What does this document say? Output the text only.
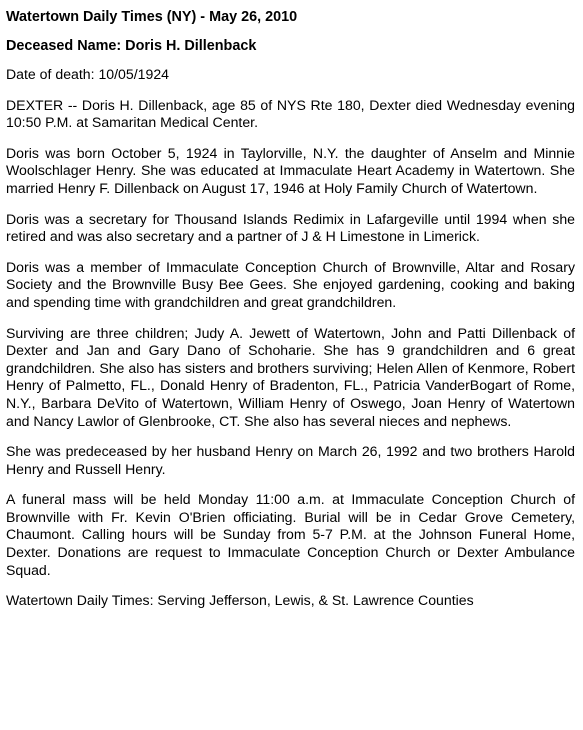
Watertown Daily Times (NY) - May 26, 2010
Deceased Name: Doris H. Dillenback
Date of death: 10/05/1924
DEXTER -- Doris H. Dillenback, age 85 of NYS Rte 180, Dexter died Wednesday evening 10:50 P.M. at Samaritan Medical Center.
Doris was born October 5, 1924 in Taylorville, N.Y. the daughter of Anselm and Minnie Woolschlager Henry. She was educated at Immaculate Heart Academy in Watertown. She married Henry F. Dillenback on August 17, 1946 at Holy Family Church of Watertown.
Doris was a secretary for Thousand Islands Redimix in Lafargeville until 1994 when she retired and was also secretary and a partner of J & H Limestone in Limerick.
Doris was a member of Immaculate Conception Church of Brownville, Altar and Rosary Society and the Brownville Busy Bee Gees. She enjoyed gardening, cooking and baking and spending time with grandchildren and great grandchildren.
Surviving are three children; Judy A. Jewett of Watertown, John and Patti Dillenback of Dexter and Jan and Gary Dano of Schoharie. She has 9 grandchildren and 6 great grandchildren. She also has sisters and brothers surviving; Helen Allen of Kenmore, Robert Henry of Palmetto, FL., Donald Henry of Bradenton, FL., Patricia VanderBogart of Rome, N.Y., Barbara DeVito of Watertown, William Henry of Oswego, Joan Henry of Watertown and Nancy Lawlor of Glenbrooke, CT. She also has several nieces and nephews.
She was predeceased by her husband Henry on March 26, 1992 and two brothers Harold Henry and Russell Henry.
A funeral mass will be held Monday 11:00 a.m. at Immaculate Conception Church of Brownville with Fr. Kevin O'Brien officiating. Burial will be in Cedar Grove Cemetery, Chaumont. Calling hours will be Sunday from 5-7 P.M. at the Johnson Funeral Home, Dexter. Donations are request to Immaculate Conception Church or Dexter Ambulance Squad.
Watertown Daily Times: Serving Jefferson, Lewis, & St. Lawrence Counties
